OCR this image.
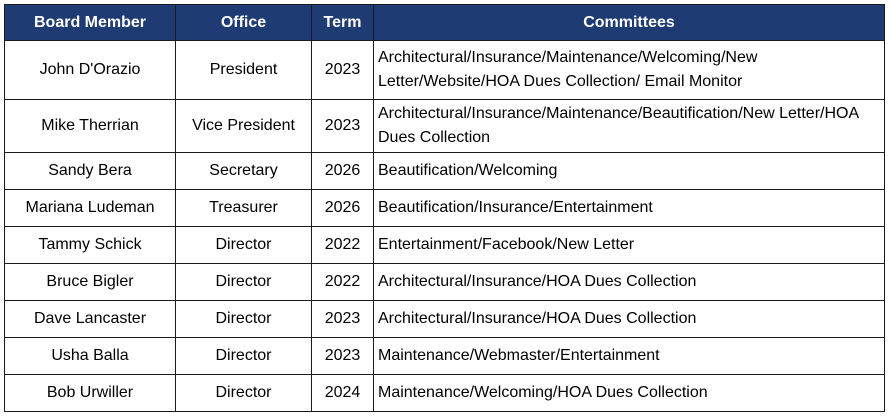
Board Member	Office	Term	Committees
John D'Orazio	President	2023	Architectural/Insurance/Maintenance/Welcoming/New Letter/Website/HOA Dues Collection/ Email Monitor
Mike Therrian	Vice President	2023	Architectural/Insurance/Maintenance/Beautification/New Letter/HOA Dues Collection
Sandy Bera	Secretary	2026	Beautification/Welcoming
Mariana Ludeman	Treasurer	2026	Beautification/Insurance/Entertainment
Tammy Schick	Director	2022	Entertainment/Facebook/New Letter
Bruce Bigler	Director	2022	Architectural/Insurance/HOA Dues Collection
Dave Lancaster	Director	2023	Architectural/Insurance/HOA Dues Collection
Usha Balla	Director	2023	Maintenance/Webmaster/Entertainment
Bob Urwiller	Director	2024	Maintenance/Welcoming/HOA Dues Collection
